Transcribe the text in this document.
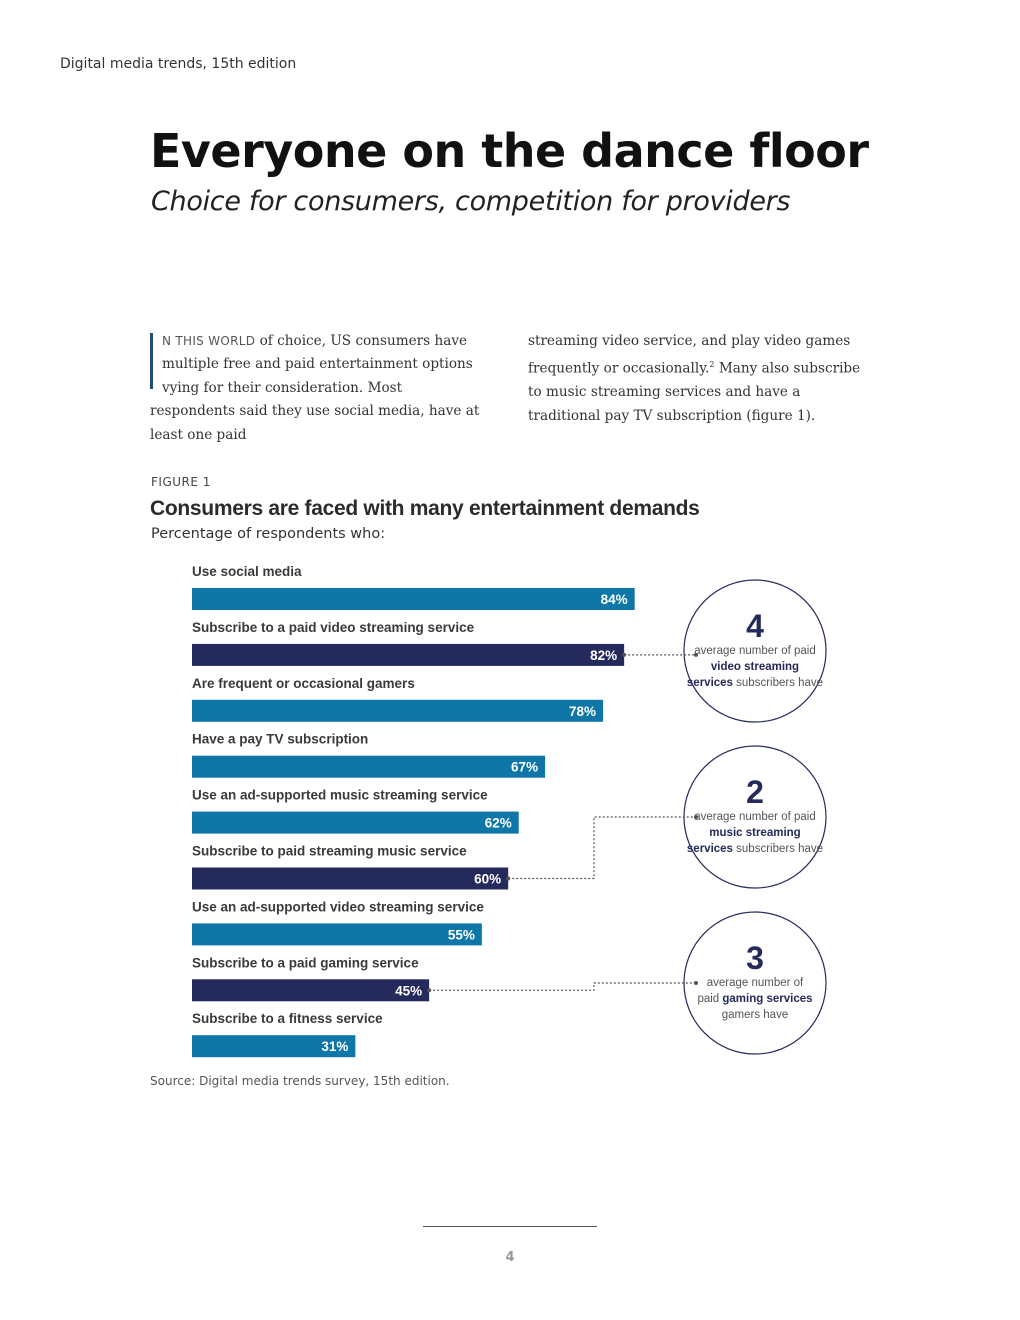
Digital media trends, 15th edition
Everyone on the dance floor
Choice for consumers, competition for providers

N THIS WORLD of choice, US consumers have multiple free and paid entertainment options vying for their consideration. Most respondents said they use social media, have at least one paid

streaming video service, and play video games frequently or occasionally.$^2$ Many also subscribe to music streaming services and have a traditional pay TV subscription (figure 1).

FIGURE 1
Consumers are faced with many entertainment demands
Percentage of respondents who:
Use social media
84%
Subscribe to a paid video streaming service
82%
Are frequent or occasional gamers
78%
Have a pay TV subscription
67%
Use an ad-supported music streaming service
62%
Subscribe to paid streaming music service
60%
Use an ad-supported video streaming service
55%
Subscribe to a paid gaming service
45%
Subscribe to a fitness service
31%
4
average number of paid
video streaming
services subscribers have
2
average number of paid
music streaming
services subscribers have
3
average number of
paid gaming services
gamers have
Source: Digital media trends survey, 15th edition.
4
